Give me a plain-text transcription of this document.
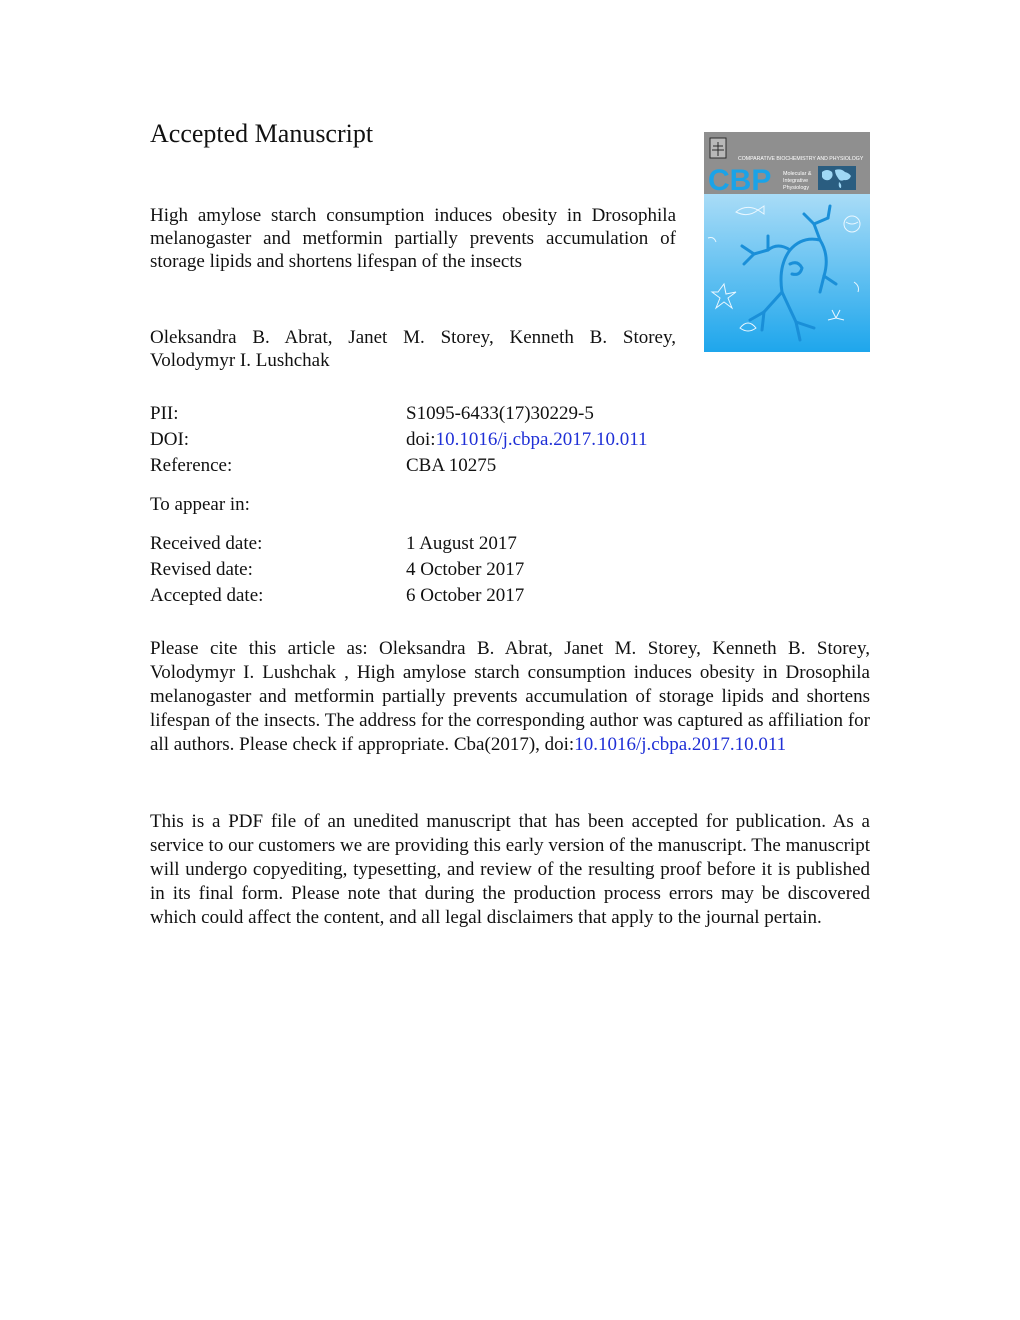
Accepted Manuscript

High amylose starch consumption induces obesity in Drosophila melanogaster and metformin partially prevents accumulation of storage lipids and shortens lifespan of the insects

Oleksandra B. Abrat, Janet M. Storey, Kenneth B. Storey, Volodymyr I. Lushchak

PII:	S1095-6433(17)30229-5
DOI:	doi:10.1016/j.cbpa.2017.10.011
Reference:	CBA 10275
To appear in:
Received date:	1 August 2017
Revised date:	4 October 2017
Accepted date:	6 October 2017

Please cite this article as: Oleksandra B. Abrat, Janet M. Storey, Kenneth B. Storey, Volodymyr I. Lushchak , High amylose starch consumption induces obesity in Drosophila melanogaster and metformin partially prevents accumulation of storage lipids and shortens lifespan of the insects. The address for the corresponding author was captured as affiliation for all authors. Please check if appropriate. Cba(2017), doi:10.1016/j.cbpa.2017.10.011

This is a PDF file of an unedited manuscript that has been accepted for publication. As a service to our customers we are providing this early version of the manuscript. The manuscript will undergo copyediting, typesetting, and review of the resulting proof before it is published in its final form. Please note that during the production process errors may be discovered which could affect the content, and all legal disclaimers that apply to the journal pertain.

COMPARATIVE BIOCHEMISTRY AND PHYSIOLOGY
CBP Molecular &
Integrative
Physiology
